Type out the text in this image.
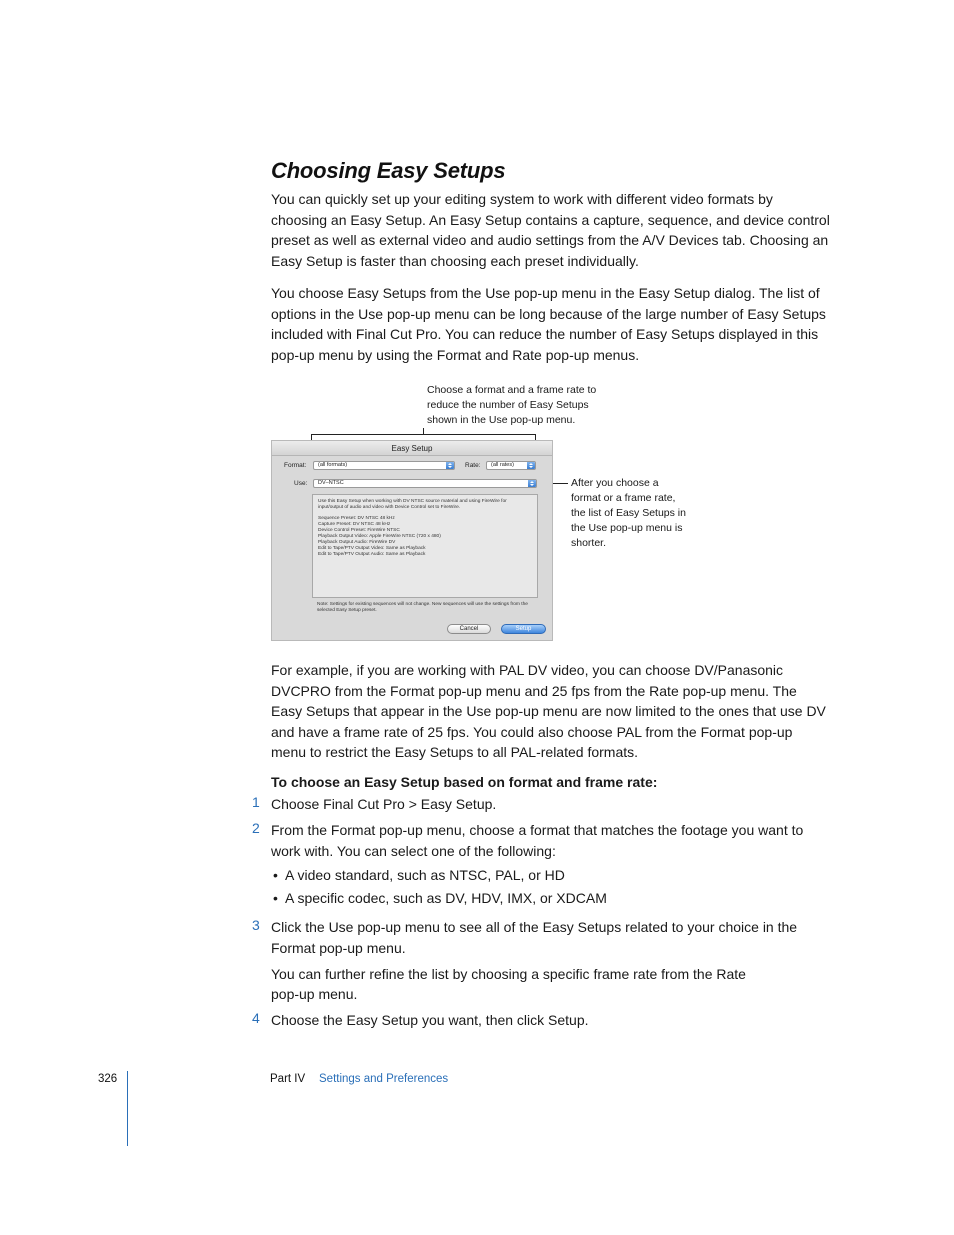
Choosing Easy Setups

You can quickly set up your editing system to work with different video formats by choosing an Easy Setup. An Easy Setup contains a capture, sequence, and device control preset as well as external video and audio settings from the A/V Devices tab. Choosing an Easy Setup is faster than choosing each preset individually.

You choose Easy Setups from the Use pop-up menu in the Easy Setup dialog. The list of options in the Use pop-up menu can be long because of the large number of Easy Setups included with Final Cut Pro. You can reduce the number of Easy Setups displayed in this pop-up menu by using the Format and Rate pop-up menus.

Choose a format and a frame rate to
reduce the number of Easy Setups
shown in the Use pop-up menu.
After you choose a
format or a frame rate,
the list of Easy Setups in
the Use pop-up menu is
shorter.
Easy Setup
Format:	(all formats)	Rate:	(all rates)
Use:	DV–NTSC

Use this Easy Setup when working with DV NTSC source material and using FireWire for input/output of audio and video with Device Control set to FireWire.

Sequence Preset: DV NTSC 48 kHz

Capture Preset: DV NTSC 48 kHz

Device Control Preset: FireWire NTSC

Playback Output Video: Apple FireWire NTSC (720 x 480)

Playback Output Audio: FireWire DV

Edit to Tape/PTV Output Video: Same as Playback

Edit to Tape/PTV Output Audio: Same as Playback

Note: Settings for existing sequences will not change. New sequences will use the settings from the selected Easy Setup preset.
Cancel	Setup

For example, if you are working with PAL DV video, you can choose DV/Panasonic DVCPRO from the Format pop-up menu and 25 fps from the Rate pop-up menu. The Easy Setups that appear in the Use pop-up menu are now limited to the ones that use DV and have a frame rate of 25 fps. You could also choose PAL from the Format pop-up menu to restrict the Easy Setups to all PAL-related formats.

To choose an Easy Setup based on format and frame rate:

1 Choose Final Cut Pro > Easy Setup.

2 From the Format pop-up menu, choose a format that matches the footage you want to work with. You can select one of the following:

• A video standard, such as NTSC, PAL, or HD
• A specific codec, such as DV, HDV, IMX, or XDCAM
3 Click the Use pop-up menu to see all of the Easy Setups related to your choice in the Format pop-up menu.

You can further refine the list by choosing a specific frame rate from the Rate

pop-up menu.

4 Choose the Easy Setup you want, then click Setup.

326	Part IV Settings and Preferences
